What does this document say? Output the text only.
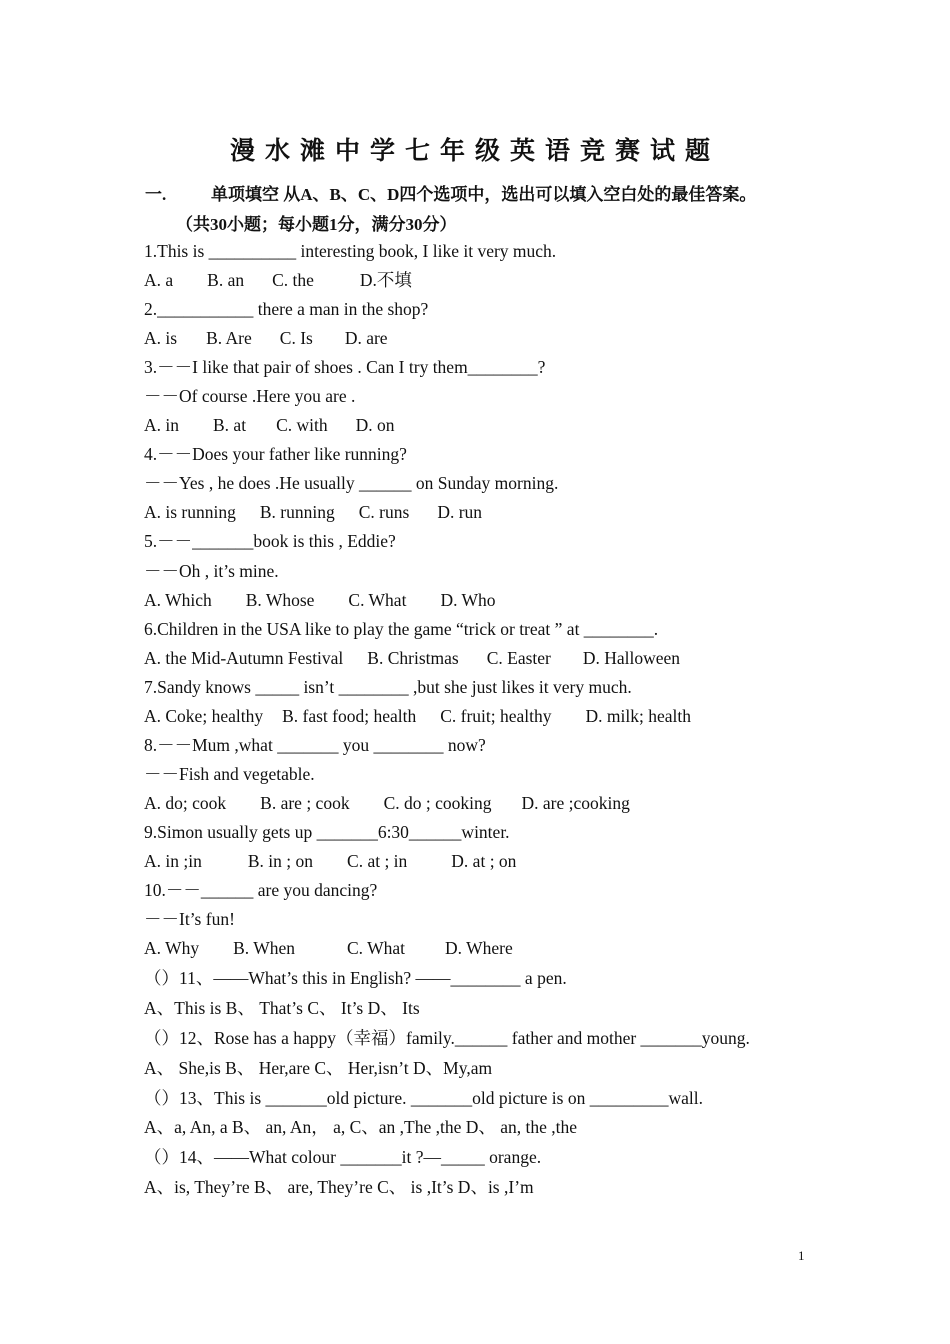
漫水滩中学七年级英语竞赛试题
一.	单项填空 从A、B、C、D四个选项中，选出可以填入空白处的最佳答案。
（共30小题；每小题1分，满分30分）
1.This is __________ interesting book, I like it very much.
A. a B. an C. the	D.不填
2.___________ there a man in the shop?
A. is B. Are C. Is D. are
3.－－I like that pair of shoes . Can I try them________?
－－Of course .Here you are .
A. in B. at C. with D. on
4.－－Does your father like running?
－－Yes , he does .He usually ______ on Sunday morning.
A. is running B. running C. runs D. run
5.－－_______book is this , Eddie?
－－Oh , it’s mine.
A. Which B. Whose C. What D. Who
6.Children in the USA like to play the game “trick or treat ” at ________.
A. the Mid-Autumn Festival B. Christmas C. Easter D. Halloween
7.Sandy knows _____ isn’t ________ ,but she just likes it very much.
A. Coke; healthy B. fast food; health C. fruit; healthy D. milk; health
8.－－Mum ,what _______ you ________ now?
－－Fish and vegetable.
A. do; cook B. are ; cook C. do ; cooking D. are ;cooking
9.Simon usually gets up _______6:30______winter.
A. in ;in	B. in ; on C. at ; in	D. at ; on
10.－－______ are you dancing?
－－It’s fun!
A. Why B. When	C. What D. Where
（）11、——What’s this in English? ——________ a pen.
A、This is B、 That’s C、 It’s D、 Its
（）12、Rose has a happy（幸福）family.______ father and mother _______young.
A、 She,is B、 Her,are C、 Her,isn’t D、My,am
（）13、This is _______old picture. _______old picture is on _________wall.
A、a, An, a B、 an, An， a, C、an ,The ,the D、 an, the ,the
（）14、——What colour _______it ?—_____ orange.
A、is, They’re B、 are, They’re C、 is ,It’s D、is ,I’m
1
